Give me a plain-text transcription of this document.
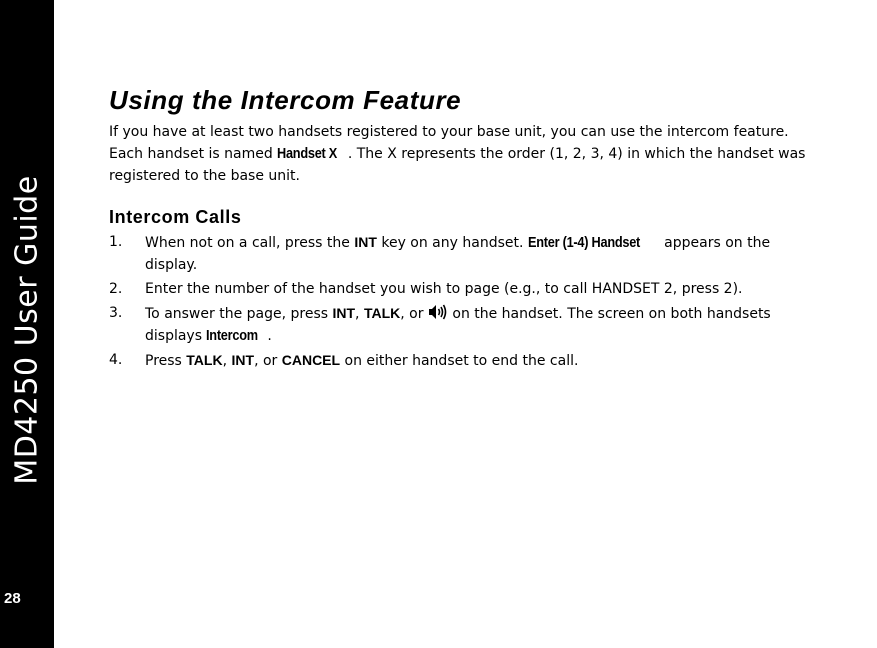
MD4250 User Guide
28
Using the Intercom Feature

If you have at least two handsets registered to your base unit, you can use the intercom feature. Each handset is named Handset X . The X represents the order (1, 2, 3, 4) in which the handset was registered to the base unit.

Intercom Calls
1. When not on a call, press the INT key on any handset. Enter (1-4) Handset appears on the display.
2. Enter the number of the handset you wish to page (e.g., to call HANDSET 2, press 2).
3. To answer the page, press INT, TALK, or  on the handset. The screen on both handsets displays Intercom .
4. Press TALK, INT, or CANCEL on either handset to end the call.
